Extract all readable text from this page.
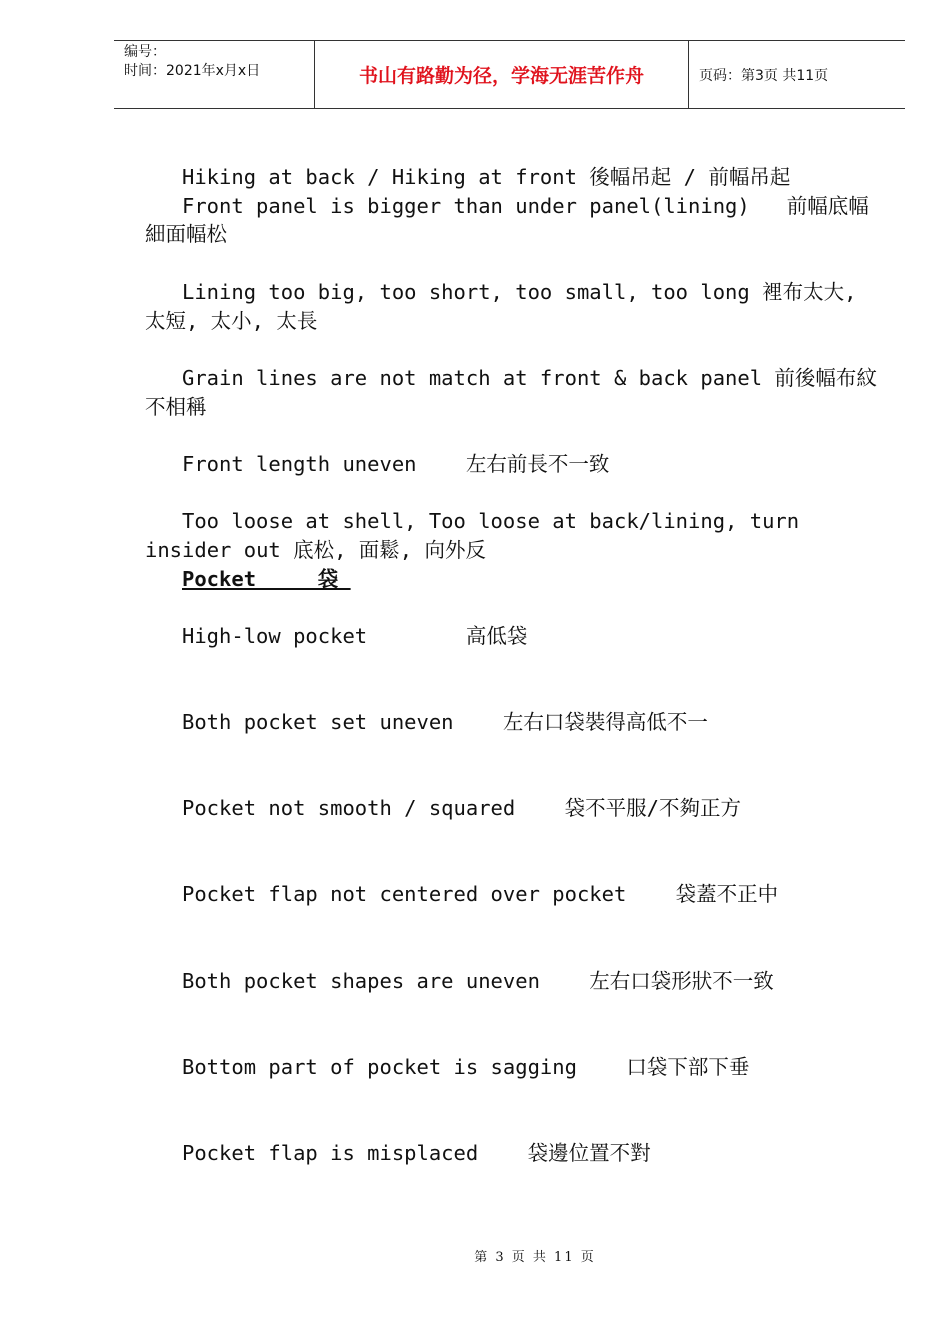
编号：
时间：2021年x月x日	书山有路勤为径，学海无涯苦作舟	页码：第3页 共11页

Hiking at back / Hiking at front 後幅吊起 / 前幅吊起

Front panel is bigger than under panel(lining)   前幅底幅細面幅松

Lining too big, too short, too small, too long 裡布太大, 太短, 太小, 太長

Grain lines are not match at front & back panel 前後幅布紋不相稱

Front length uneven    左右前長不一致

Too loose at shell, Too loose at back/lining, turn insider out 底松, 面鬆, 向外反

Pocket     袋

High-low pocket        高低袋

Both pocket set uneven    左右口袋裝得高低不一

Pocket not smooth / squared    袋不平服/不夠正方

Pocket flap not centered over pocket    袋蓋不正中

Both pocket shapes are uneven    左右口袋形狀不一致

Bottom part of pocket is sagging    口袋下部下垂

Pocket flap is misplaced    袋邊位置不對

第 3 页 共 11 页
